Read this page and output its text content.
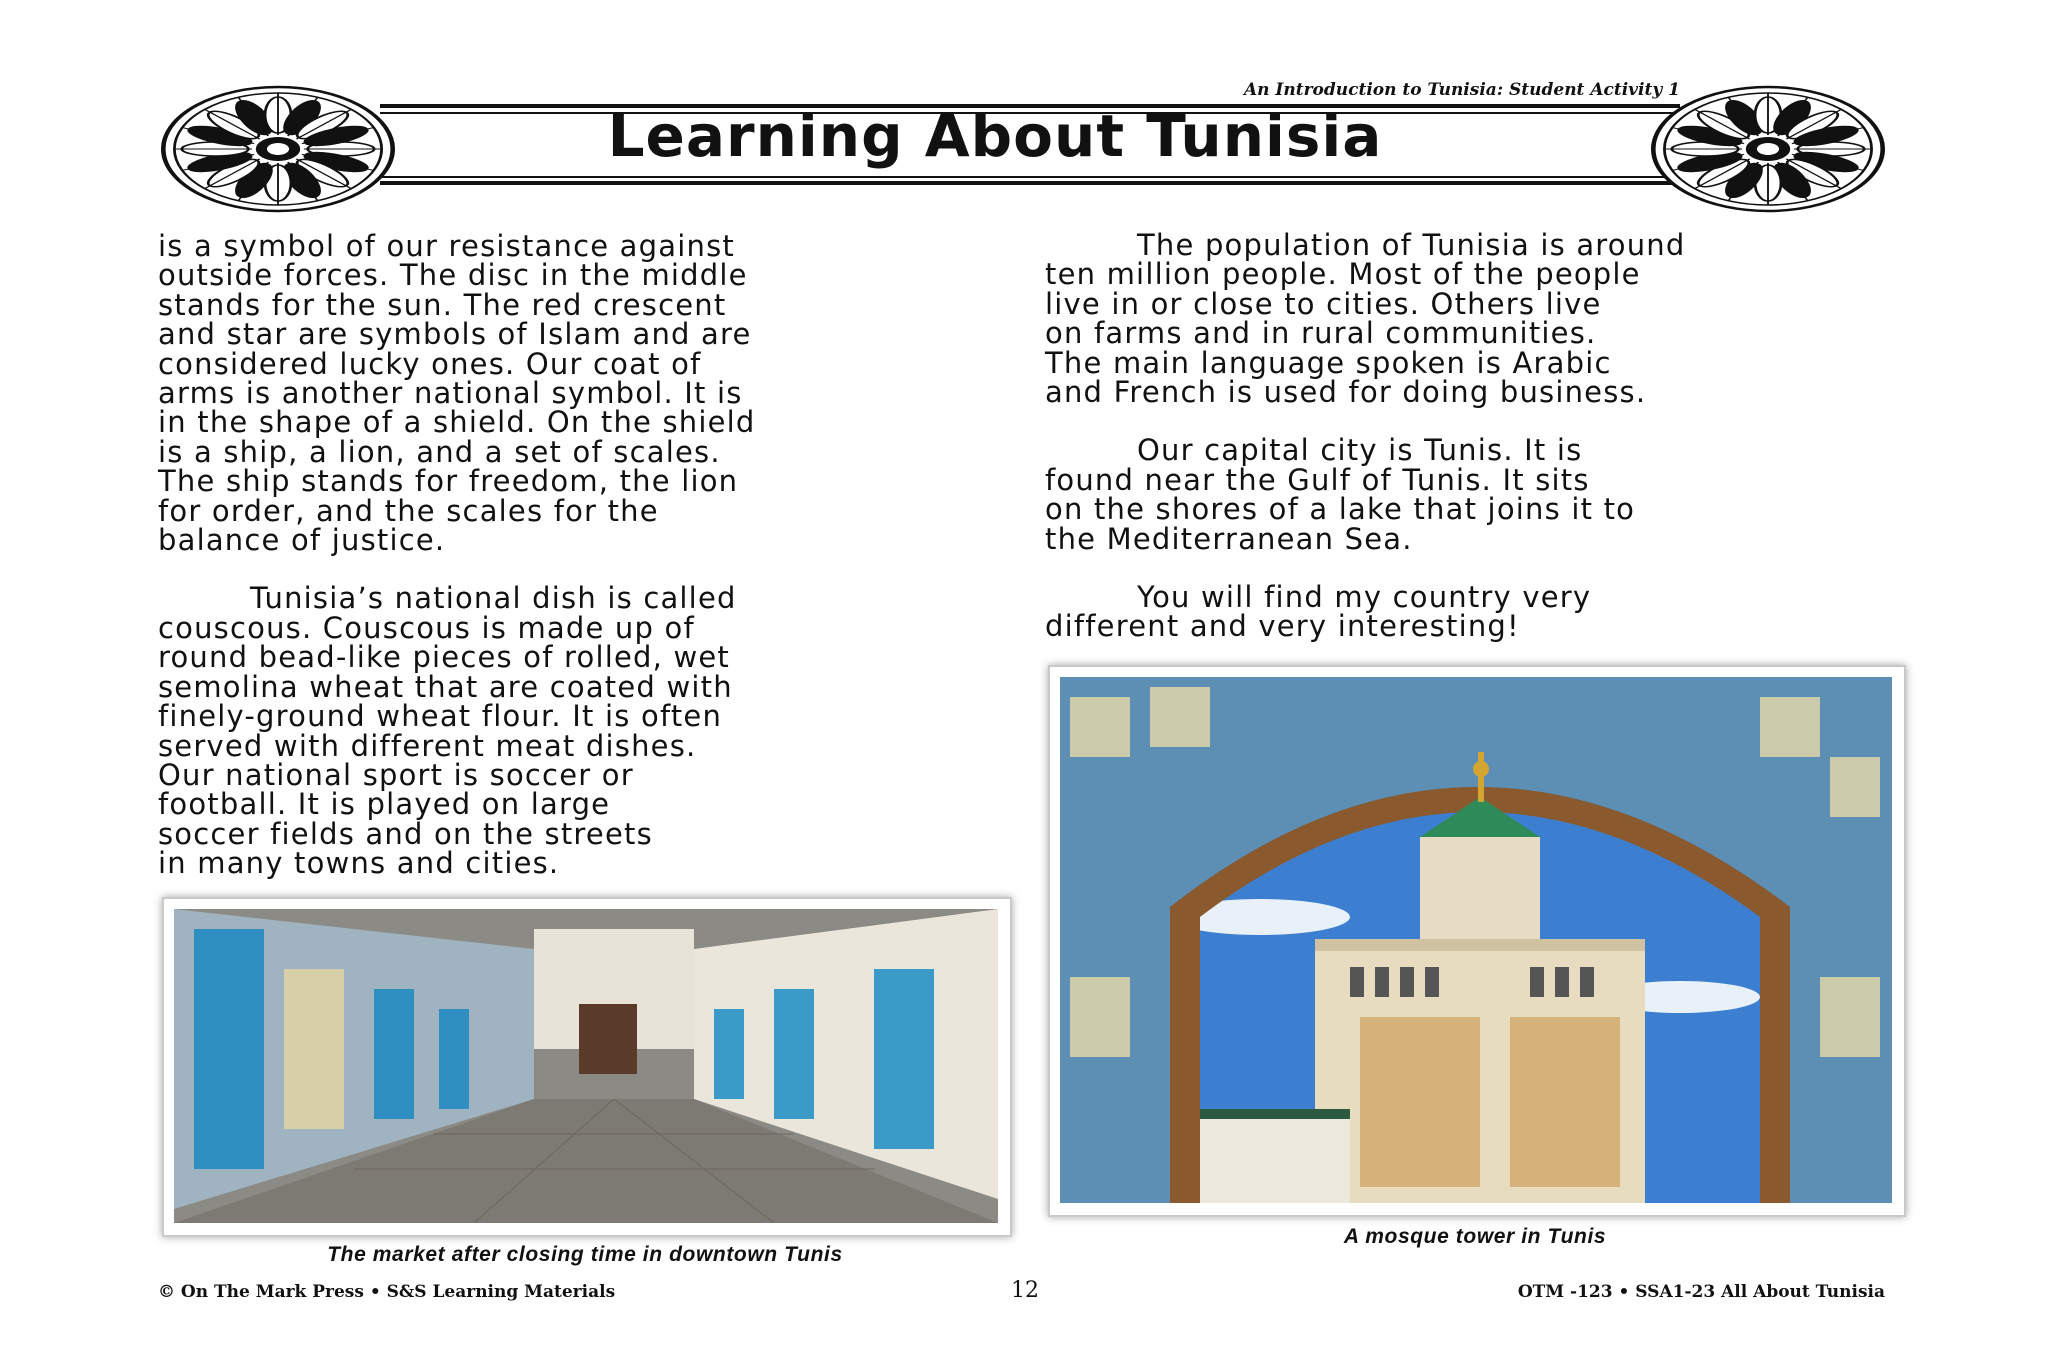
An Introduction to Tunisia: Student Activity 1
Learning About Tunisia

is a symbol of our resistance against
outside forces. The disc in the middle
stands for the sun. The red crescent
and star are symbols of Islam and are
considered lucky ones. Our coat of
arms is another national symbol. It is
in the shape of a shield. On the shield
is a ship, a lion, and a set of scales.
The ship stands for freedom, the lion
for order, and the scales for the
balance of justice.

Tunisia’s national dish is called
couscous. Couscous is made up of
round bead-like pieces of rolled, wet
semolina wheat that are coated with
finely-ground wheat flour. It is often
served with different meat dishes.
Our national sport is soccer or
football. It is played on large
soccer fields and on the streets
in many towns and cities.

The population of Tunisia is around
ten million people. Most of the people
live in or close to cities. Others live
on farms and in rural communities.
The main language spoken is Arabic
and French is used for doing business.

Our capital city is Tunis. It is
found near the Gulf of Tunis. It sits
on the shores of a lake that joins it to
the Mediterranean Sea.

You will find my country very
different and very interesting!

The market after closing time in downtown Tunis
A mosque tower in Tunis
© On The Mark Press • S&S Learning Materials	12	OTM -123 • SSA1-23 All About Tunisia
